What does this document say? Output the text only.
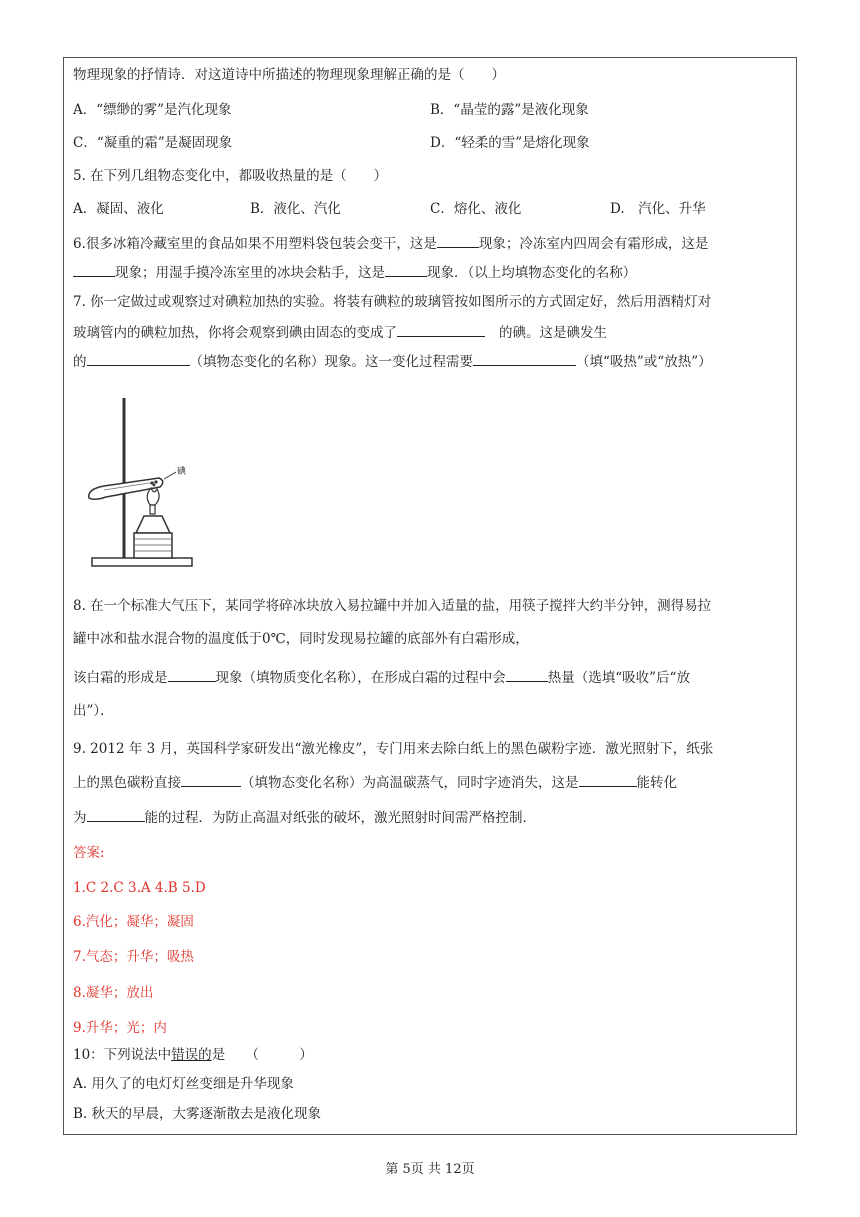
物理现象的抒情诗．对这道诗中所描述的物理现象理解正确的是（　　）
A．“缥缈的雾”是汽化现象	B．“晶莹的露”是液化现象
C．“凝重的霜”是凝固现象	D．“轻柔的雪”是熔化现象
5. 在下列几组物态变化中，都吸收热量的是（　　）
A．凝固、液化	B．液化、汽化	C．熔化、液化	D.　汽化、升华
6.很多冰箱冷藏室里的食品如果不用塑料袋包装会变干，这是	现象；冷冻室内四周会有霜形成，这是
现象；用湿手摸冷冻室里的冰块会粘手，这是	现象．（以上均填物态变化的名称）
7. 你一定做过或观察过对碘粒加热的实验。将装有碘粒的玻璃管按如图所示的方式固定好，然后用酒精灯对
玻璃管内的碘粒加热，你将会观察到碘由固态的变成了	的碘。这是碘发生
的	（填物态变化的名称）现象。这一变化过程需要	（填“吸热”或“放热”）
碘
8. 在一个标准大气压下，某同学将碎冰块放入易拉罐中并加入适量的盐，用筷子搅拌大约半分钟，测得易拉
罐中冰和盐水混合物的温度低于0℃，同时发现易拉罐的底部外有白霜形成，
该白霜的形成是	现象（填物质变化名称），在形成白霜的过程中会	热量（选填“吸收”后“放
出”）．
9. 2012 年 3 月，英国科学家研发出“激光橡皮”，专门用来去除白纸上的黑色碳粉字迹．激光照射下，纸张
上的黑色碳粉直接	（填物态变化名称）为高温碳蒸气，同时字迹消失，这是	能转化
为	能的过程．为防止高温对纸张的破坏，激光照射时间需严格控制．
答案:
1.C 2.C 3.A 4.B 5.D
6.汽化；凝华；凝固
7.气态；升华；吸热
8.凝华；放出
9.升华；光；内
10：下列说法中错误的是　　（　　　）
A. 用久了的电灯灯丝变细是升华现象
B. 秋天的早晨，大雾逐渐散去是液化现象
第 5页 共 12页
